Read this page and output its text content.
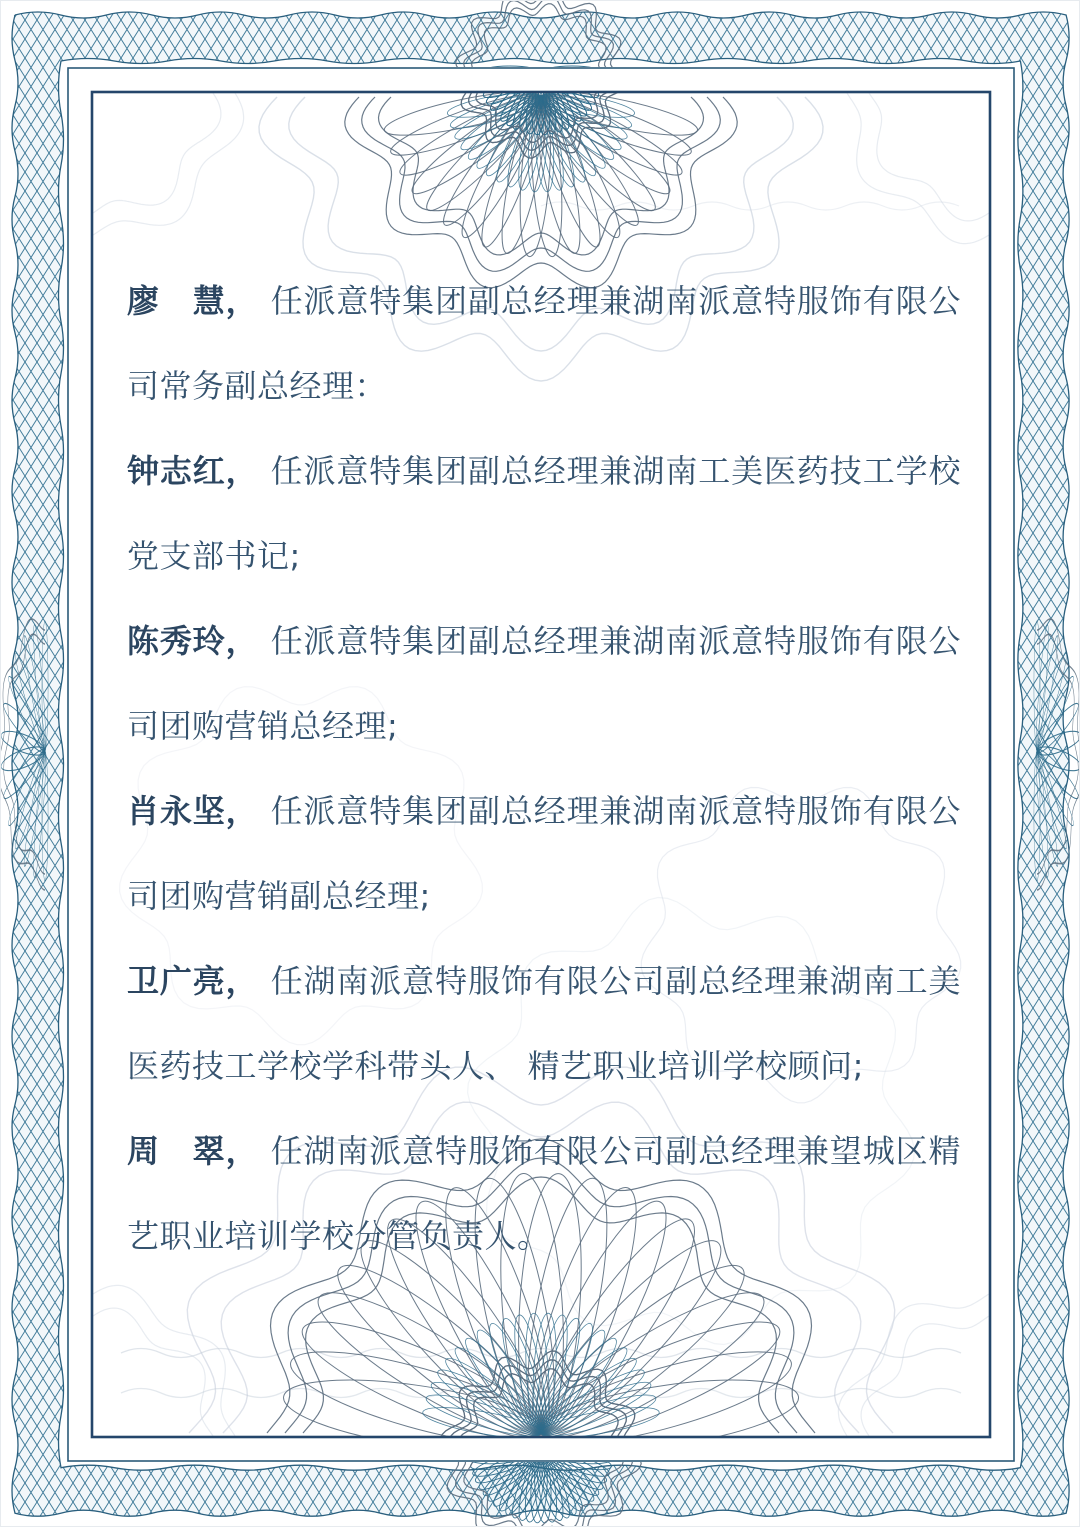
廖　慧， 任派意特集团副总经理兼湖南派意特服饰有限公司常务副总经理：

钟志红， 任派意特集团副总经理兼湖南工美医药技工学校党支部书记;

陈秀玲， 任派意特集团副总经理兼湖南派意特服饰有限公司团购营销总经理;

肖永坚， 任派意特集团副总经理兼湖南派意特服饰有限公司团购营销副总经理;

卫广亮， 任湖南派意特服饰有限公司副总经理兼湖南工美医药技工学校学科带头人、 精艺职业培训学校顾问;

周　翠， 任湖南派意特服饰有限公司副总经理兼望城区精艺职业培训学校分管负责人。
